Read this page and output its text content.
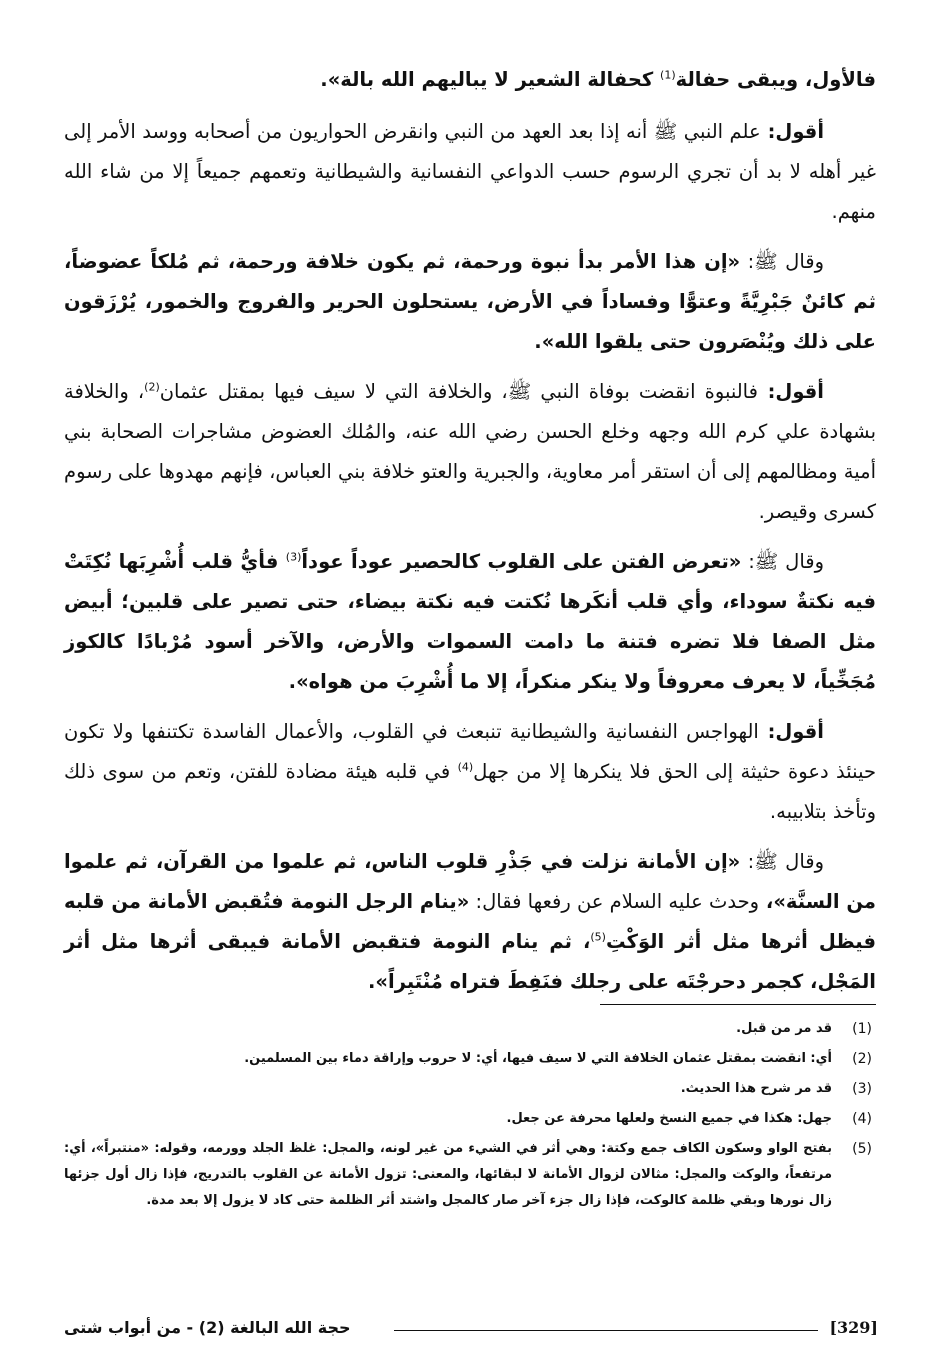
فالأول، ويبقى حفالة$^{(1)}$ كحفالة الشعير لا يباليهم الله بالة».

أقول: علم النبي ﷺ أنه إذا بعد العهد من النبي وانقرض الحواريون من أصحابه ووسد الأمر إلى غير أهله لا بد أن تجري الرسوم حسب الدواعي النفسانية والشيطانية وتعمهم جميعاً إلا من شاء الله منهم.

وقال ﷺ: «إن هذا الأمر بدأ نبوة ورحمة، ثم يكون خلافة ورحمة، ثم مُلكاً عضوضاً، ثم كائنٌ جَبْرِيَّةً وعتوًّا وفساداً في الأرض، يستحلون الحرير والفروج والخمور، يُرْزَقون على ذلك ويُنْصَرون حتى يلقوا الله».

أقول: فالنبوة انقضت بوفاة النبي ﷺ، والخلافة التي لا سيف فيها بمقتل عثمان$^{(2)}$، والخلافة بشهادة علي كرم الله وجهه وخلع الحسن رضي الله عنه، والمُلك العضوض مشاجرات الصحابة بني أمية ومظالمهم إلى أن استقر أمر معاوية، والجبرية والعتو خلافة بني العباس، فإنهم مهدوها على رسوم كسرى وقيصر.

وقال ﷺ: «تعرض الفتن على القلوب كالحصير عوداً عوداً$^{(3)}$ فأيُّ قلب أُشْرِبَها نُكِتَتْ فيه نكتةٌ سوداء، وأي قلب أنكَرها نُكتت فيه نكتة بيضاء، حتى تصير على قلبين؛ أبيض مثل الصفا فلا تضره فتنة ما دامت السموات والأرض، والآخر أسود مُرْبادًا كالكوز مُجَخِّياً، لا يعرف معروفاً ولا ينكر منكراً، إلا ما أُشْرِبَ من هواه».

أقول: الهواجس النفسانية والشيطانية تنبعث في القلوب، والأعمال الفاسدة تكتنفها ولا تكون حينئذ دعوة حثيثة إلى الحق فلا ينكرها إلا من جهل$^{(4)}$ في قلبه هيئة مضادة للفتن، وتعم من سوى ذلك وتأخذ بتلابيبه.

وقال ﷺ: «إن الأمانة نزلت في جَذْرِ قلوب الناس، ثم علموا من القرآن، ثم علموا من السنَّة»، وحدث عليه السلام عن رفعها فقال: «ينام الرجل النومة فتُقبض الأمانة من قلبه فيظل أثرها مثل أثر الوَكْتِ$^{(5)}$، ثم ينام النومة فتقبض الأمانة فيبقى أثرها مثل أثر المَجْل، كجمر دحرجْتَه على رجلك فنَفِطَ فتراه مُنْتَبِراً».

(1)
قد مر من قبل.
(2)
أي: انقضت بمقتل عثمان الخلافة التي لا سيف فيها، أي: لا حروب وإراقة دماء بين المسلمين.
(3)
قد مر شرح هذا الحديث.
(4)
جهل: هكذا في جميع النسخ ولعلها محرفة عن جعل.
(5)
بفتح الواو وسكون الكاف جمع وكتة: وهي أثر في الشيء من غير لونه، والمجل: غلظ الجلد وورمه، وقوله: «منتبراً»، أي: مرتفعاً، والوكت والمجل: مثالان لزوال الأمانة لا لبقائها، والمعنى: تزول الأمانة عن القلوب بالتدريج، فإذا زال أول جزئها زال نورها وبقي ظلمة كالوكت، فإذا زال جزء آخر صار كالمجل واشتد أثر الظلمة حتى كاد لا يزول إلا بعد مدة.
[329]
حجة الله البالغة (2) - من أبواب شتى
